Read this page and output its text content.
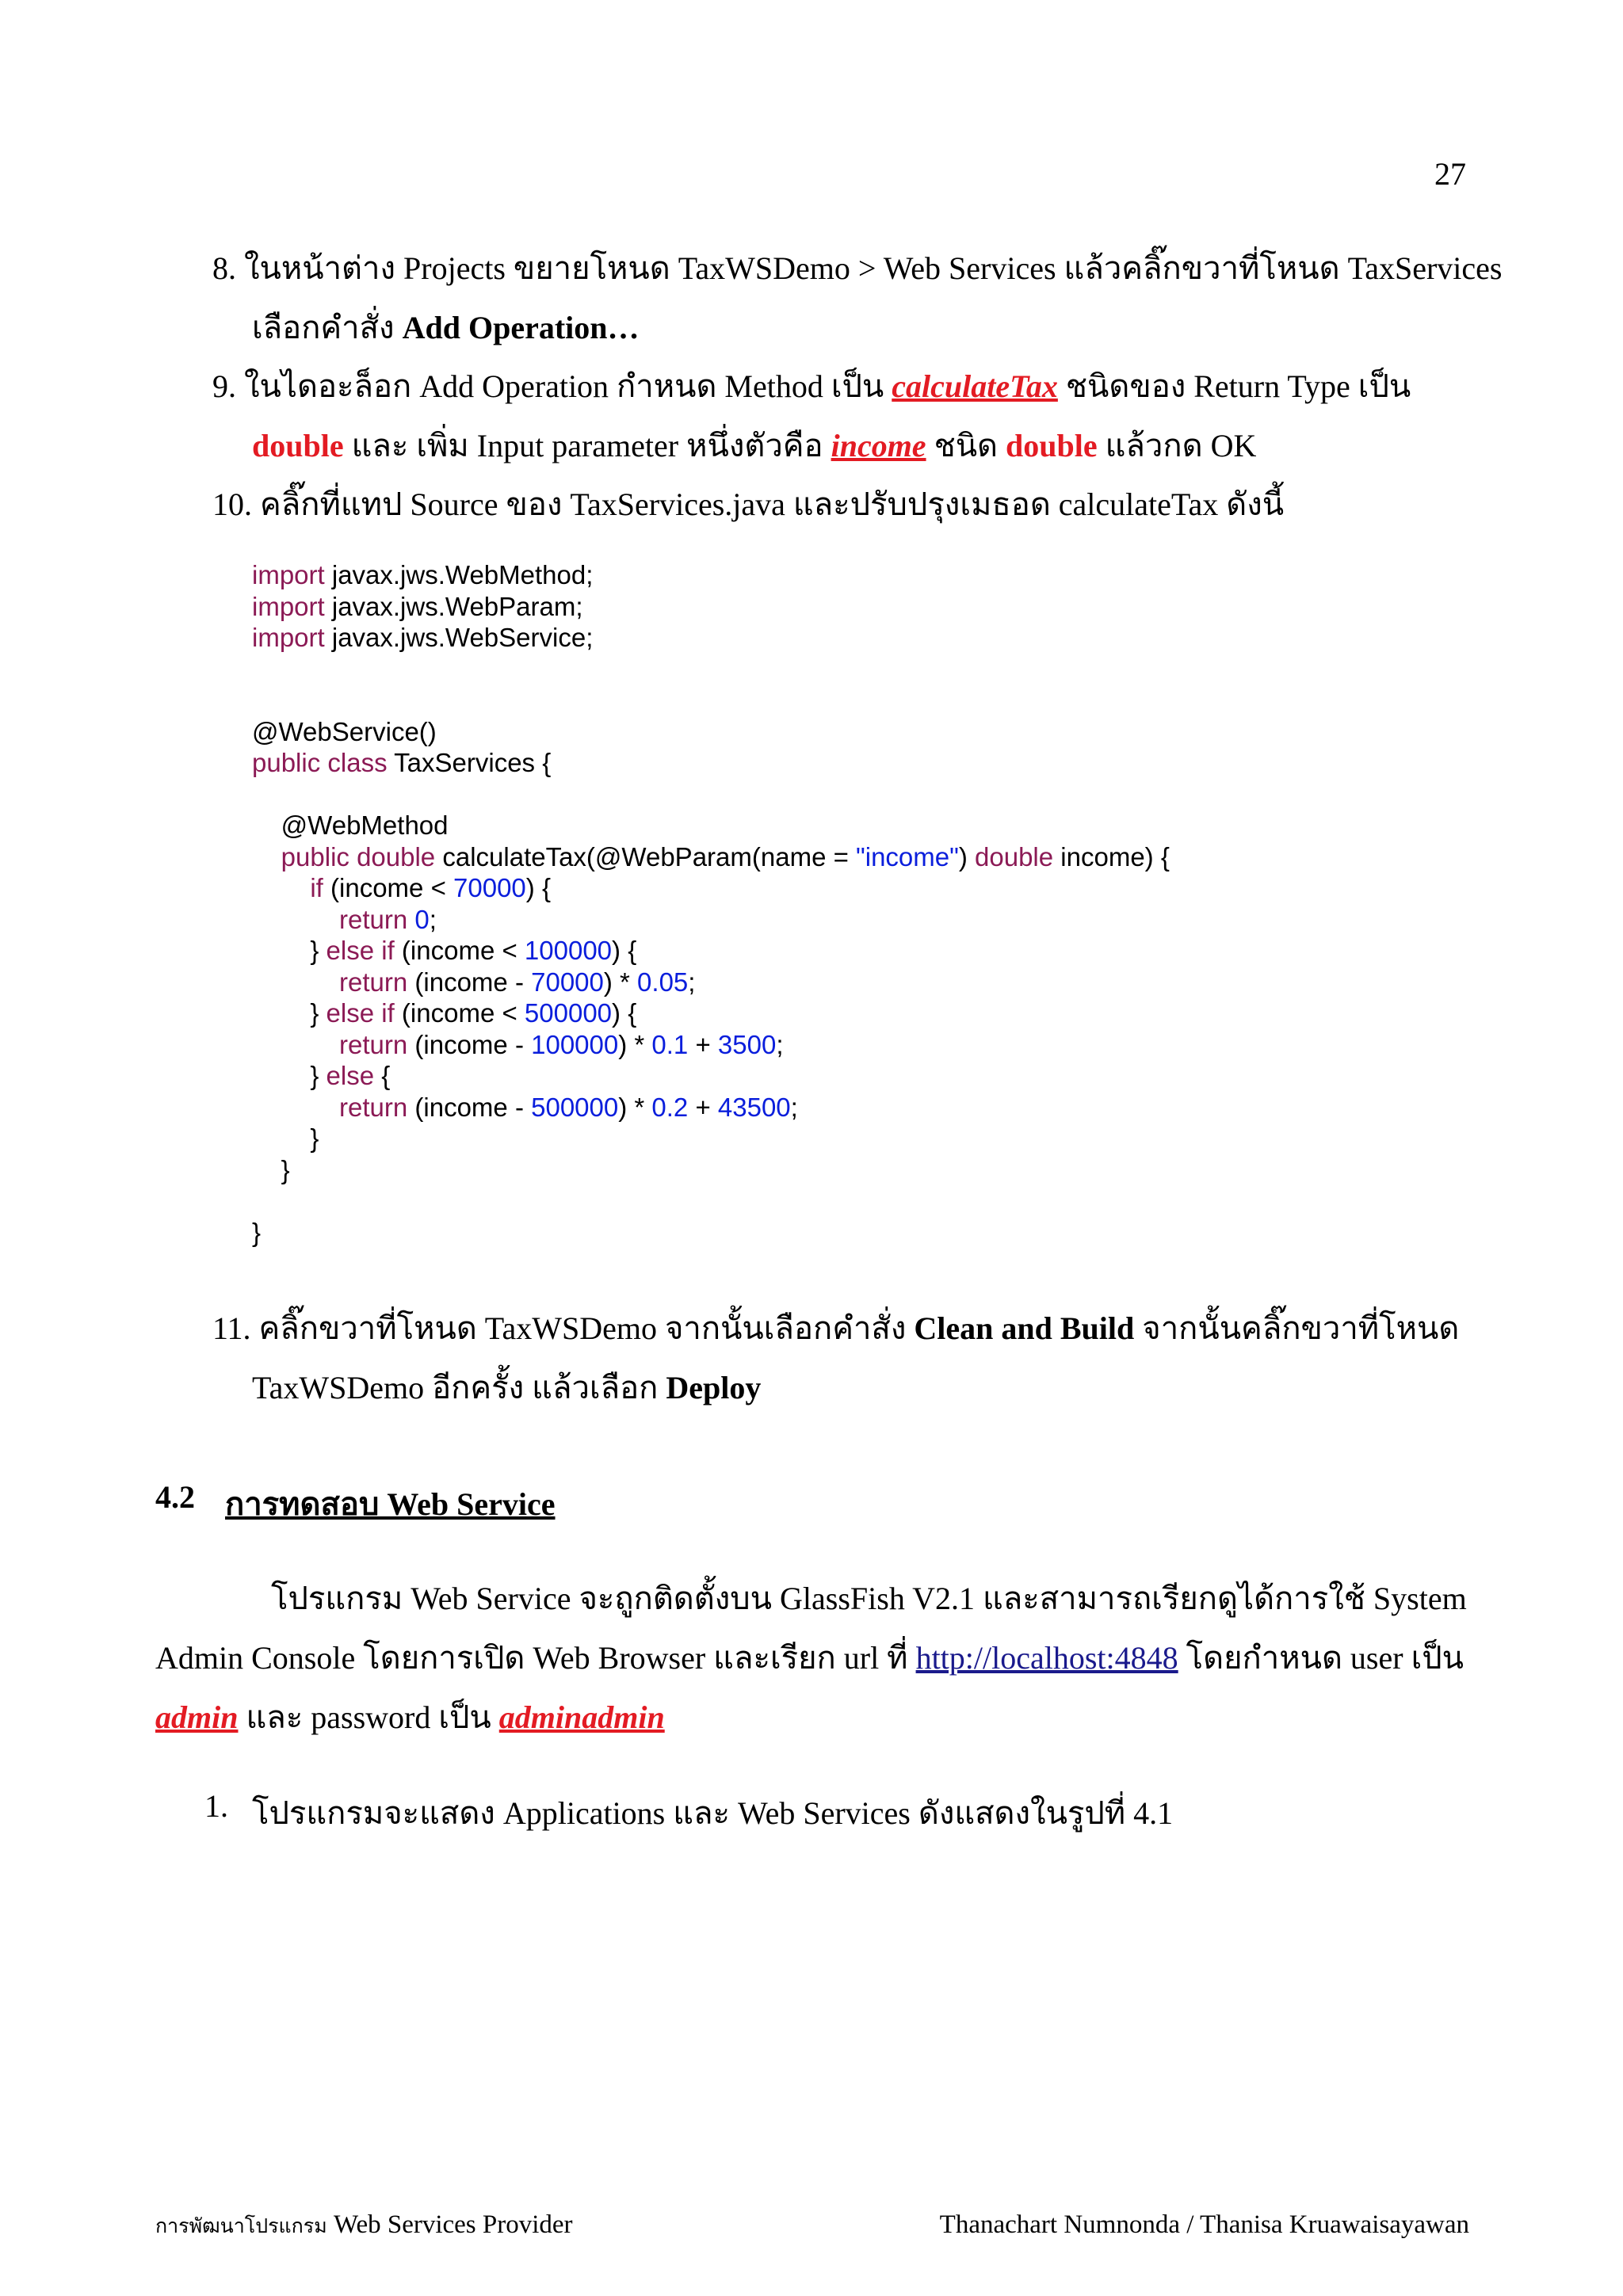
27
8. ในหน้าต่าง Projects ขยายโหนด TaxWSDemo > Web Services แล้วคลิ๊กขวาที่โหนด TaxServices
เลือกคำสั่ง Add Operation…
9. ในไดอะล็อก Add Operation กำหนด Method เป็น calculateTax ชนิดของ Return Type เป็น
double และ เพิ่ม Input parameter หนึ่งตัวคือ income ชนิด double แล้วกด OK
10. คลิ๊กที่แทป Source ของ TaxServices.java และปรับปรุงเมธอด calculateTax ดังนี้
import javax.jws.WebMethod;
import javax.jws.WebParam;
import javax.jws.WebService;

@WebService()
public class TaxServices {

@WebMethod
public double calculateTax(@WebParam(name = "income") double income) {
if (income < 70000) {
return 0;
} else if (income < 100000) {
return (income - 70000) * 0.05;
} else if (income < 500000) {
return (income - 100000) * 0.1 + 3500;
} else {
return (income - 500000) * 0.2 + 43500;
}
}

}
11. คลิ๊กขวาที่โหนด TaxWSDemo จากนั้นเลือกคำสั่ง Clean and Build จากนั้นคลิ๊กขวาที่โหนด
TaxWSDemo อีกครั้ง แล้วเลือก Deploy
4.2 การทดสอบ Web Service
โปรแกรม Web Service จะถูกติดตั้งบน GlassFish V2.1 และสามารถเรียกดูได้การใช้ System
Admin Console โดยการเปิด Web Browser และเรียก url ที่ http://localhost:4848 โดยกำหนด user เป็น
admin และ password เป็น adminadmin
1. โปรแกรมจะแสดง Applications และ Web Services ดังแสดงในรูปที่ 4.1
การพัฒนาโปรแกรม Web Services Provider	Thanachart Numnonda / Thanisa Kruawaisayawan
